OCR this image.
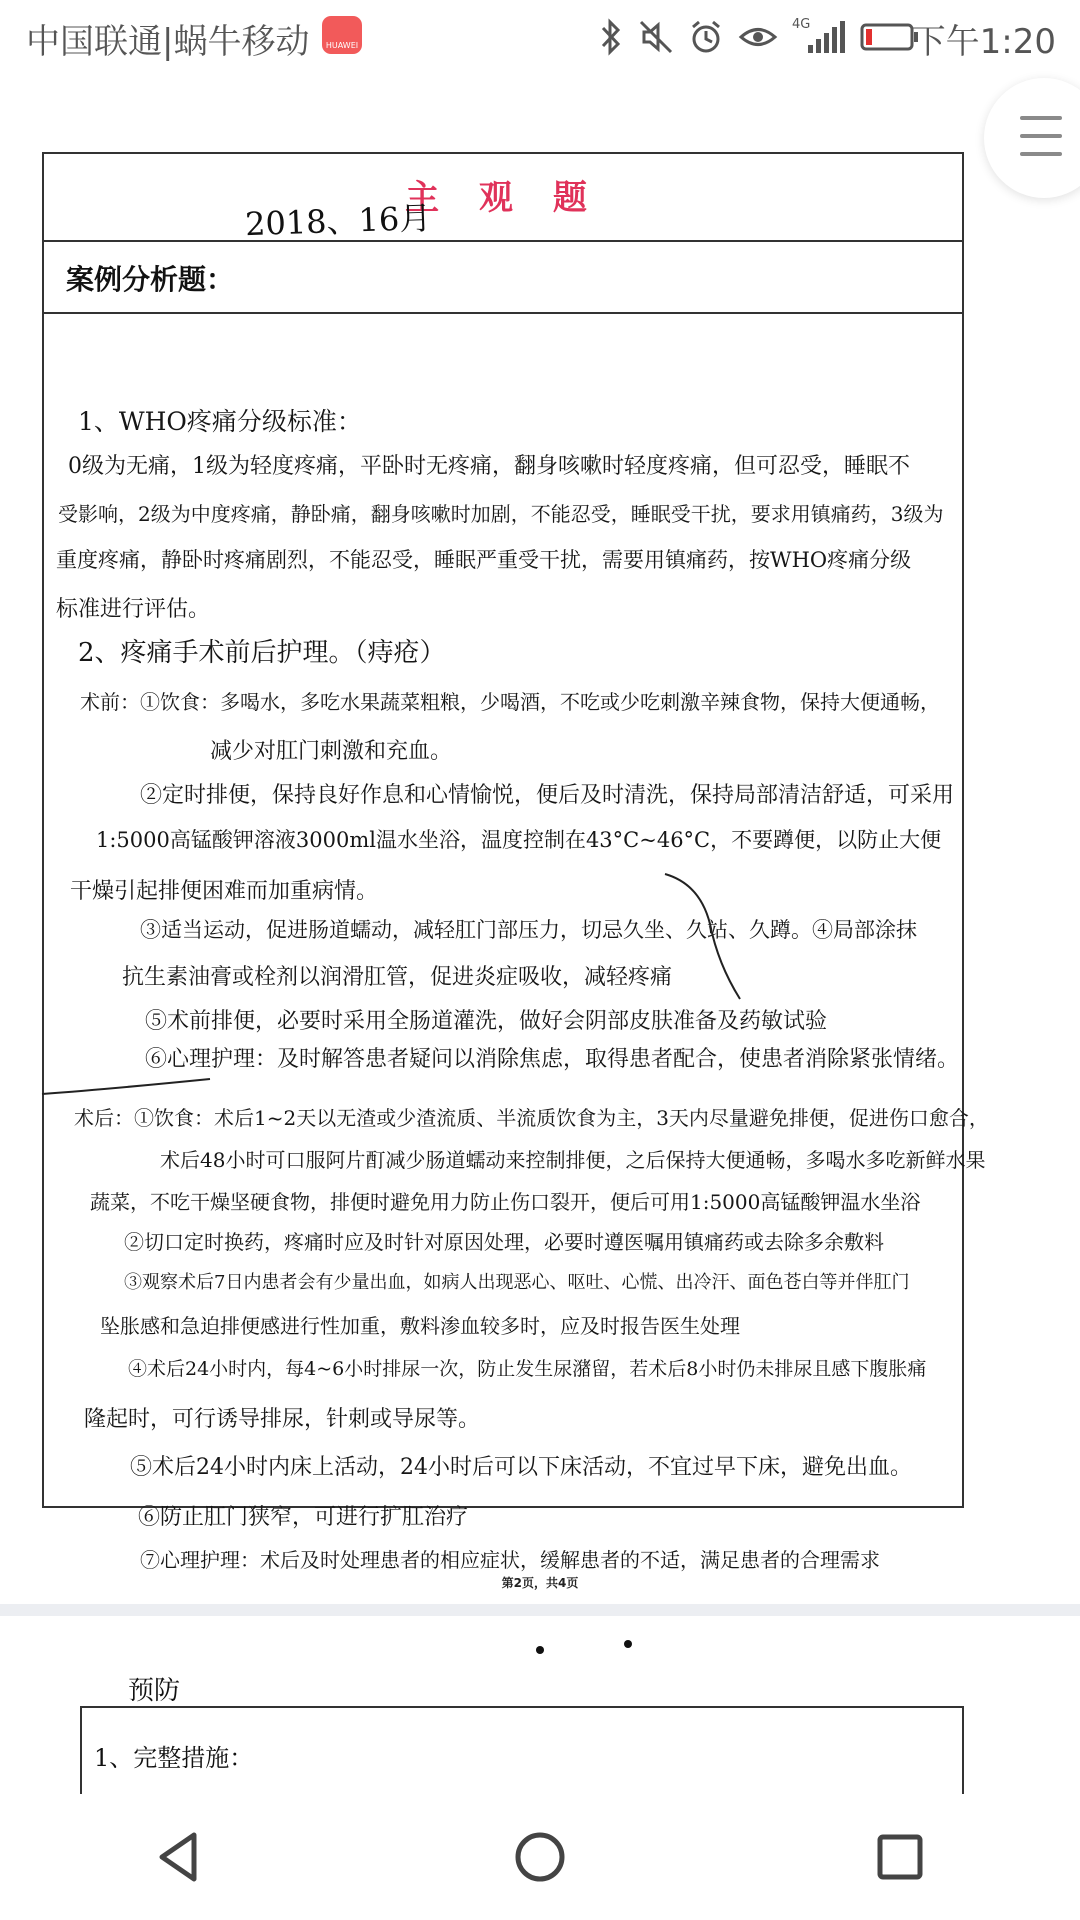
中国联通|蜗牛移动 HUAWEI
4G	下午1:20
主 观 题
案例分析题：
2018、16月
1、WHO疼痛分级标准：
0级为无痛，1级为轻度疼痛，平卧时无疼痛，翻身咳嗽时轻度疼痛，但可忍受，睡眠不
受影响，2级为中度疼痛，静卧痛，翻身咳嗽时加剧，不能忍受，睡眠受干扰，要求用镇痛药，3级为
重度疼痛，静卧时疼痛剧烈，不能忍受，睡眠严重受干扰，需要用镇痛药，按WHO疼痛分级
标准进行评估。
2、疼痛手术前后护理。（痔疮）
术前：①饮食：多喝水，多吃水果蔬菜粗粮，少喝酒，不吃或少吃刺激辛辣食物，保持大便通畅，
减少对肛门刺激和充血。
②定时排便，保持良好作息和心情愉悦，便后及时清洗，保持局部清洁舒适，可采用
1:5000高锰酸钾溶液3000ml温水坐浴，温度控制在43°C~46°C，不要蹲便，以防止大便
干燥引起排便困难而加重病情。
③适当运动，促进肠道蠕动，减轻肛门部压力，切忌久坐、久站、久蹲。④局部涂抹
抗生素油膏或栓剂以润滑肛管，促进炎症吸收，减轻疼痛
⑤术前排便，必要时采用全肠道灌洗，做好会阴部皮肤准备及药敏试验
⑥心理护理：及时解答患者疑问以消除焦虑，取得患者配合，使患者消除紧张情绪。
术后：①饮食：术后1~2天以无渣或少渣流质、半流质饮食为主，3天内尽量避免排便，促进伤口愈合，
术后48小时可口服阿片酊减少肠道蠕动来控制排便，之后保持大便通畅，多喝水多吃新鲜水果
蔬菜，不吃干燥坚硬食物，排便时避免用力防止伤口裂开，便后可用1:5000高锰酸钾温水坐浴
②切口定时换药，疼痛时应及时针对原因处理，必要时遵医嘱用镇痛药或去除多余敷料
③观察术后7日内患者会有少量出血，如病人出现恶心、呕吐、心慌、出冷汗、面色苍白等并伴肛门
坠胀感和急迫排便感进行性加重，敷料渗血较多时，应及时报告医生处理
④术后24小时内，每4~6小时排尿一次，防止发生尿潴留，若术后8小时仍未排尿且感下腹胀痛
隆起时，可行诱导排尿，针刺或导尿等。
⑤术后24小时内床上活动，24小时后可以下床活动，不宜过早下床，避免出血。
⑥防止肛门狭窄，可进行扩肛治疗
⑦心理护理：术后及时处理患者的相应症状，缓解患者的不适，满足患者的合理需求
第2页，共4页
预防
1、完整措施：
